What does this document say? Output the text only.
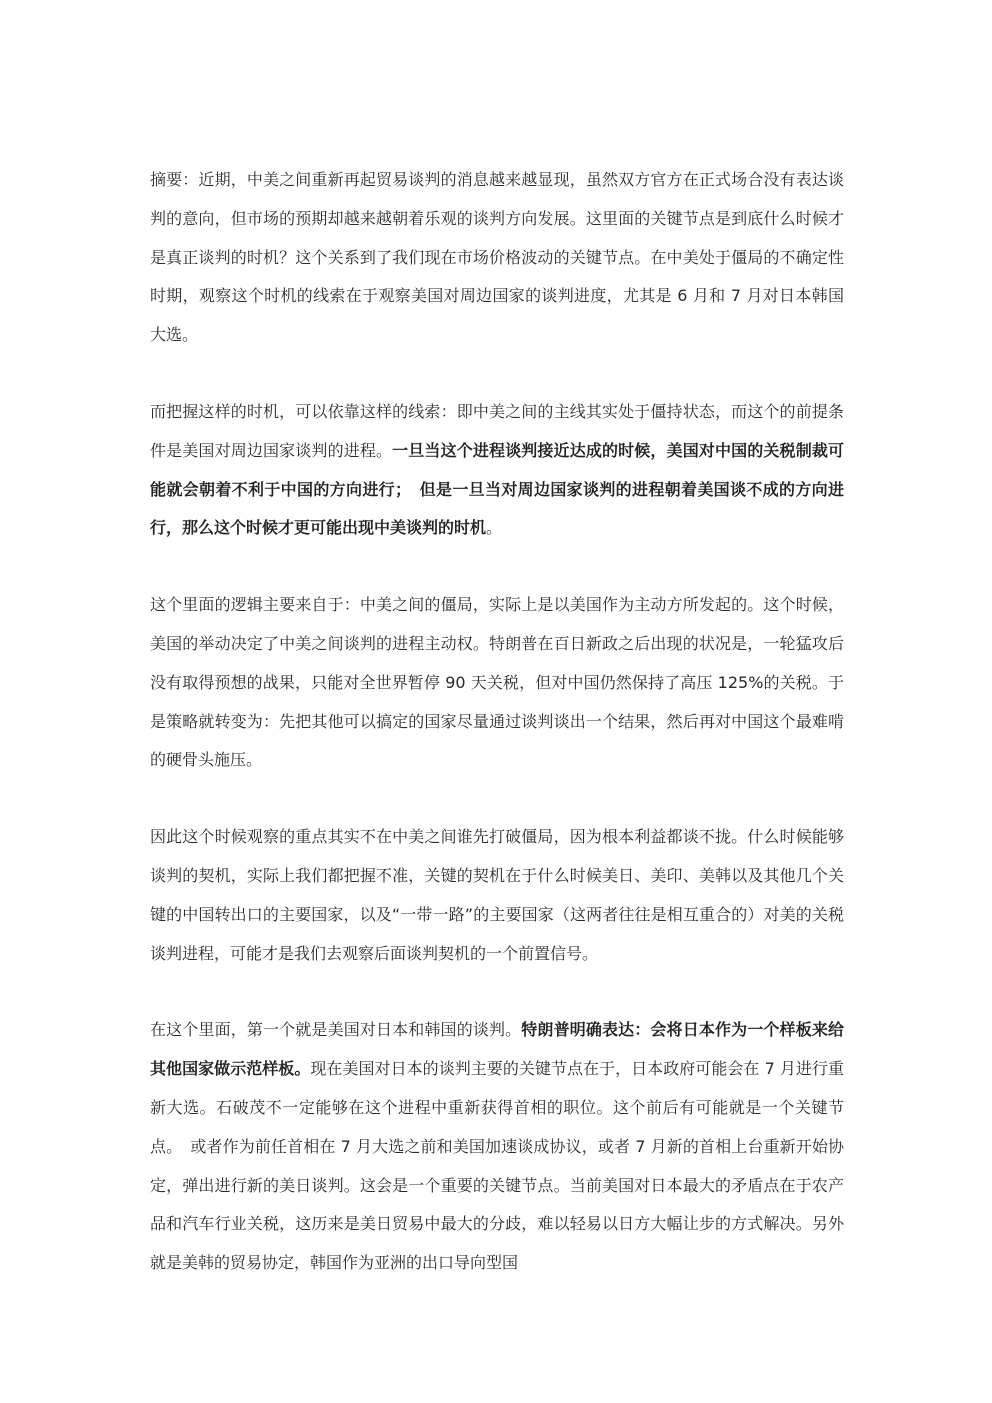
摘要：近期，中美之间重新再起贸易谈判的消息越来越显现，虽然双方官方在正式场合没有表达谈判的意向，但市场的预期却越来越朝着乐观的谈判方向发展。这里面的关键节点是到底什么时候才是真正谈判的时机？这个关系到了我们现在市场价格波动的关键节点。在中美处于僵局的不确定性时期，观察这个时机的线索在于观察美国对周边国家的谈判进度，尤其是 6 月和 7 月对日本韩国大选。

而把握这样的时机，可以依靠这样的线索：即中美之间的主线其实处于僵持状态，而这个的前提条件是美国对周边国家谈判的进程。一旦当这个进程谈判接近达成的时候，美国对中国的关税制裁可能就会朝着不利于中国的方向进行；　但是一旦当对周边国家谈判的进程朝着美国谈不成的方向进行，那么这个时候才更可能出现中美谈判的时机。

这个里面的逻辑主要来自于：中美之间的僵局，实际上是以美国作为主动方所发起的。这个时候，美国的举动决定了中美之间谈判的进程主动权。特朗普在百日新政之后出现的状况是，一轮猛攻后没有取得预想的战果，只能对全世界暂停 90 天关税，但对中国仍然保持了高压 125%的关税。于是策略就转变为：先把其他可以搞定的国家尽量通过谈判谈出一个结果，然后再对中国这个最难啃的硬骨头施压。

因此这个时候观察的重点其实不在中美之间谁先打破僵局，因为根本利益都谈不拢。什么时候能够谈判的契机，实际上我们都把握不准，关键的契机在于什么时候美日、美印、美韩以及其他几个关键的中国转出口的主要国家，以及“一带一路”的主要国家（这两者往往是相互重合的）对美的关税谈判进程，可能才是我们去观察后面谈判契机的一个前置信号。

在这个里面，第一个就是美国对日本和韩国的谈判。特朗普明确表达：会将日本作为一个样板来给其他国家做示范样板。现在美国对日本的谈判主要的关键节点在于，日本政府可能会在 7 月进行重新大选。石破茂不一定能够在这个进程中重新获得首相的职位。这个前后有可能就是一个关键节点。　或者作为前任首相在 7 月大选之前和美国加速谈成协议，或者 7 月新的首相上台重新开始协定，弹出进行新的美日谈判。这会是一个重要的关键节点。当前美国对日本最大的矛盾点在于农产品和汽车行业关税，这历来是美日贸易中最大的分歧，难以轻易以日方大幅让步的方式解决。另外就是美韩的贸易协定，韩国作为亚洲的出口导向型国
